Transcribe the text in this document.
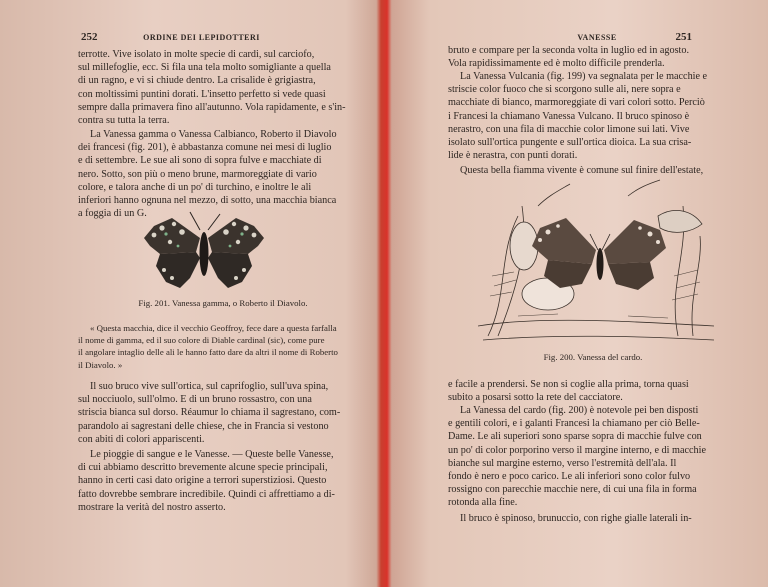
252	ORDINE DEI LEPIDOTTERI
terrotte. Vive isolato in molte specie di cardi, sul carciofo,
sul millefoglie, ecc. Si fila una tela molto somigliante a quella
di un ragno, e vi si chiude dentro. La crisalide è grigiastra,
con moltissimi puntini dorati. L'insetto perfetto si vede quasi
sempre dalla primavera fino all'autunno. Vola rapidamente, e s'in-
contra su tutta la terra.
La Vanessa gamma o Vanessa Calbianco, Roberto il Diavolo
dei francesi (fig. 201), è abbastanza comune nei mesi di luglio
e di settembre. Le sue ali sono di sopra fulve e macchiate di
nero. Sotto, son più o meno brune, marmoreggiate di vario
colore, e talora anche di un po' di turchino, e inoltre le ali
inferiori hanno ognuna nel mezzo, di sotto, una macchia bianca
a foggia di un G.
Fig. 201. Vanessa gamma, o Roberto il Diavolo.
« Questa macchia, dice il vecchio Geoffroy, fece dare a questa farfalla
il nome di gamma, ed il suo colore di Diable cardinal (sic), come pure
il angolare intaglio delle ali le hanno fatto dare da altri il nome di Roberto
il Diavolo. »
Il suo bruco vive sull'ortica, sul caprifoglio, sull'uva spina,
sul nocciuolo, sull'olmo. E di un bruno rossastro, con una
striscia bianca sul dorso. Réaumur lo chiama il sagrestano, com-
parandolo ai sagrestani delle chiese, che in Francia si vestono
con abiti di colori appariscenti.
Le pioggie di sangue e le Vanesse. — Queste belle Vanesse,
di cui abbiamo descritto brevemente alcune specie principali,
hanno in certi casi dato origine a terrori superstiziosi. Questo
fatto dovrebbe sembrare incredibile. Quindi ci affrettiamo a di-
mostrare la verità del nostro asserto.
VANESSE	251
bruto e compare per la seconda volta in luglio ed in agosto.
Vola rapidissimamente ed è molto difficile prenderla.
La Vanessa Vulcania (fig. 199) va segnalata per le macchie e
striscie color fuoco che si scorgono sulle ali, nere sopra e
macchiate di bianco, marmoreggiate di vari colori sotto. Perciò
i Francesi la chiamano Vanessa Vulcano. Il bruco spinoso è
nerastro, con una fila di macchie color limone sui lati. Vive
isolato sull'ortica pungente e sull'ortica dioica. La sua crisa-
lide è nerastra, con punti dorati.
Questa bella fiamma vivente è comune sul finire dell'estate,
Fig. 200. Vanessa del cardo.
e facile a prendersi. Se non si coglie alla prima, torna quasi
subito a posarsi sotto la rete del cacciatore.
La Vanessa del cardo (fig. 200) è notevole pei ben disposti
e gentili colori, e i galanti Francesi la chiamano per ciò Belle-
Dame. Le ali superiori sono sparse sopra di macchie fulve con
un po' di color porporino verso il margine interno, e di macchie
bianche sul margine esterno, verso l'estremità dell'ala. Il
fondo è nero e poco carico. Le ali inferiori sono color fulvo
rossigno con parecchie macchie nere, di cui una fila in forma
rotonda alla fine.
Il bruco è spinoso, brunuccio, con righe gialle laterali in-
